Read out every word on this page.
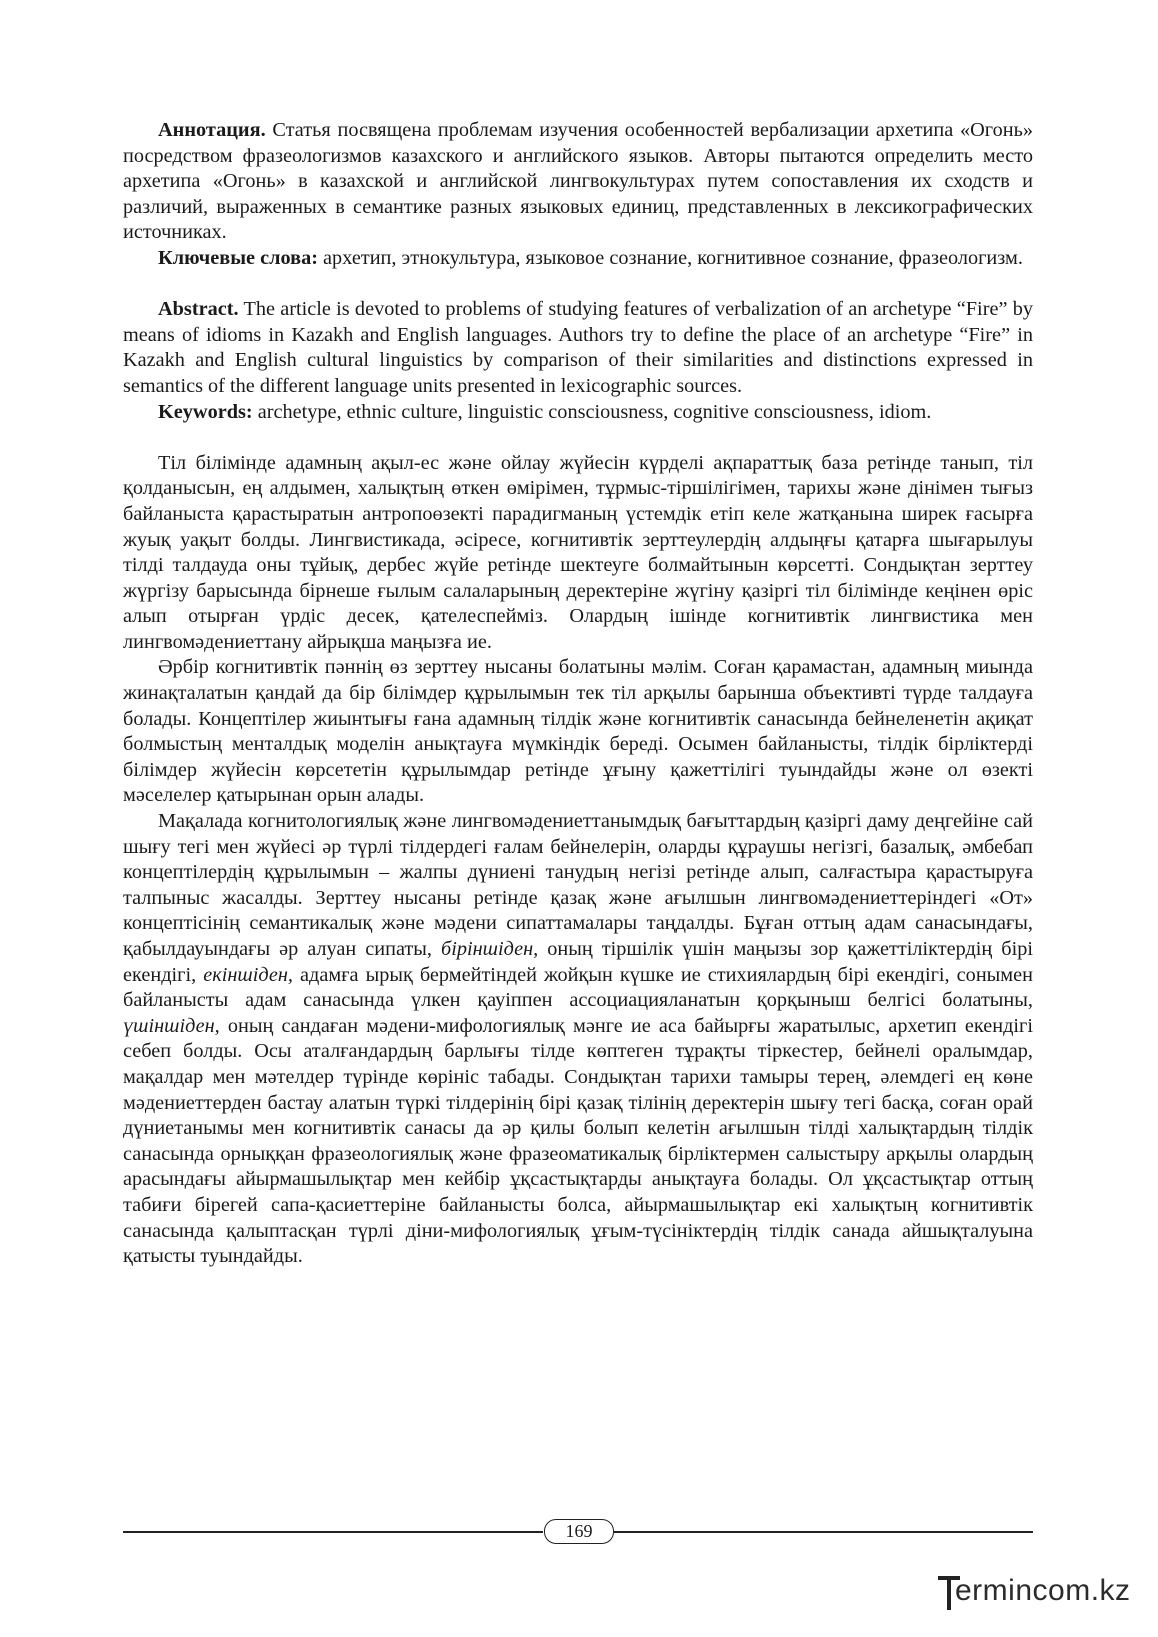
Аннотация. Статья посвящена проблемам изучения особенностей вербализации архетипа «Огонь» посредством фразеологизмов казахского и английского языков. Авторы пытаются определить место архетипа «Огонь» в казахской и английской лингвокультурах путем сопоставления их сходств и различий, выраженных в семантике разных языковых единиц, представленных в лексикографических источниках.

Ключевые слова: архетип, этнокультура, языковое сознание, когнитивное сознание, фразеологизм.

Abstract. The article is devoted to problems of studying features of verbalization of an archetype “Fire” by means of idioms in Kazakh and English languages. Authors try to define the place of an archetype “Fire” in Kazakh and English cultural linguistics by comparison of their similarities and distinctions expressed in semantics of the different language units presented in lexicographic sources.

Keywords: archetype, ethnic culture, linguistic consciousness, cognitive consciousness, idiom.

Тіл білімінде адамның ақыл-ес және ойлау жүйесін күрделі ақпараттық база ретінде танып, тіл қолданысын, ең алдымен, халықтың өткен өмірімен, тұрмыс-тіршілігімен, тарихы және дінімен тығыз байланыста қарастыратын антропоөзекті парадигманың үстемдік етіп келе жатқанына ширек ғасырға жуық уақыт болды. Лингвистикада, әсіресе, когнитивтік зерттеулердің алдыңғы қатарға шығарылуы тілді талдауда оны тұйық, дербес жүйе ретінде шектеуге болмайтынын көрсетті. Сондықтан зерттеу жүргізу барысында бірнеше ғылым салаларының деректеріне жүгіну қазіргі тіл білімінде кеңінен өріс алып отырған үрдіс десек, қателеспейміз. Олардың ішінде когнитивтік лингвистика мен лингвомәдениеттану айрықша маңызға ие.

Әрбір когнитивтік пәннің өз зерттеу нысаны болатыны мәлім. Соған қарамастан, адамның миында жинақталатын қандай да бір білімдер құрылымын тек тіл арқылы барынша объективті түрде талдауға болады. Концептілер жиынтығы ғана адамның тілдік және когнитивтік санасында бейнеленетін ақиқат болмыстың менталдық моделін анықтауға мүмкіндік береді. Осымен байланысты, тілдік бірліктерді білімдер жүйесін көрсететін құрылымдар ретінде ұғыну қажеттілігі туындайды және ол өзекті мәселелер қатырынан орын алады.

Мақалада когнитологиялық және лингвомәдениеттанымдық бағыттардың қазіргі даму деңгейіне сай шығу тегі мен жүйесі әр түрлі тілдердегі ғалам бейнелерін, оларды құраушы негізгі, базалық, әмбебап концептілердің құрылымын – жалпы дүниені танудың негізі ретінде алып, салғастыра қарастыруға талпыныс жасалды. Зерттеу нысаны ретінде қазақ және ағылшын лингвомәдениеттеріндегі «От» концептісінің семантикалық және мәдени сипаттамалары таңдалды. Бұған оттың адам санасындағы, қабылдауындағы әр алуан сипаты, біріншіден, оның тіршілік үшін маңызы зор қажеттіліктердің бірі екендігі, екіншіден, адамға ырық бермейтіндей жойқын күшке ие стихиялардың бірі екендігі, сонымен байланысты адам санасында үлкен қауіппен ассоциацияланатын қорқыныш белгісі болатыны, үшіншіден, оның сандаған мәдени-мифологиялық мәнге ие аса байырғы жаратылыс, архетип екендігі себеп болды. Осы аталғандардың барлығы тілде көптеген тұрақты тіркестер, бейнелі оралымдар, мақалдар мен мәтелдер түрінде көрініс табады. Сондықтан тарихи тамыры терең, әлемдегі ең көне мәдениеттерден бастау алатын түркі тілдерінің бірі қазақ тілінің деректерін шығу тегі басқа, соған орай дүниетанымы мен когнитивтік санасы да әр қилы болып келетін ағылшын тілді халықтардың тілдік санасында орныққан фразеологиялық және фразеоматикалық бірліктермен салыстыру арқылы олардың арасындағы айырмашылықтар мен кейбір ұқсастықтарды анықтауға болады. Ол ұқсастықтар оттың табиғи бірегей сапа-қасиеттеріне байланысты болса, айырмашылықтар екі халықтың когнитивтік санасында қалыптасқан түрлі діни-мифологиялық ұғым-түсініктердің тілдік санада айшықталуына қатысты туындайды.

169
ermincom.kz
